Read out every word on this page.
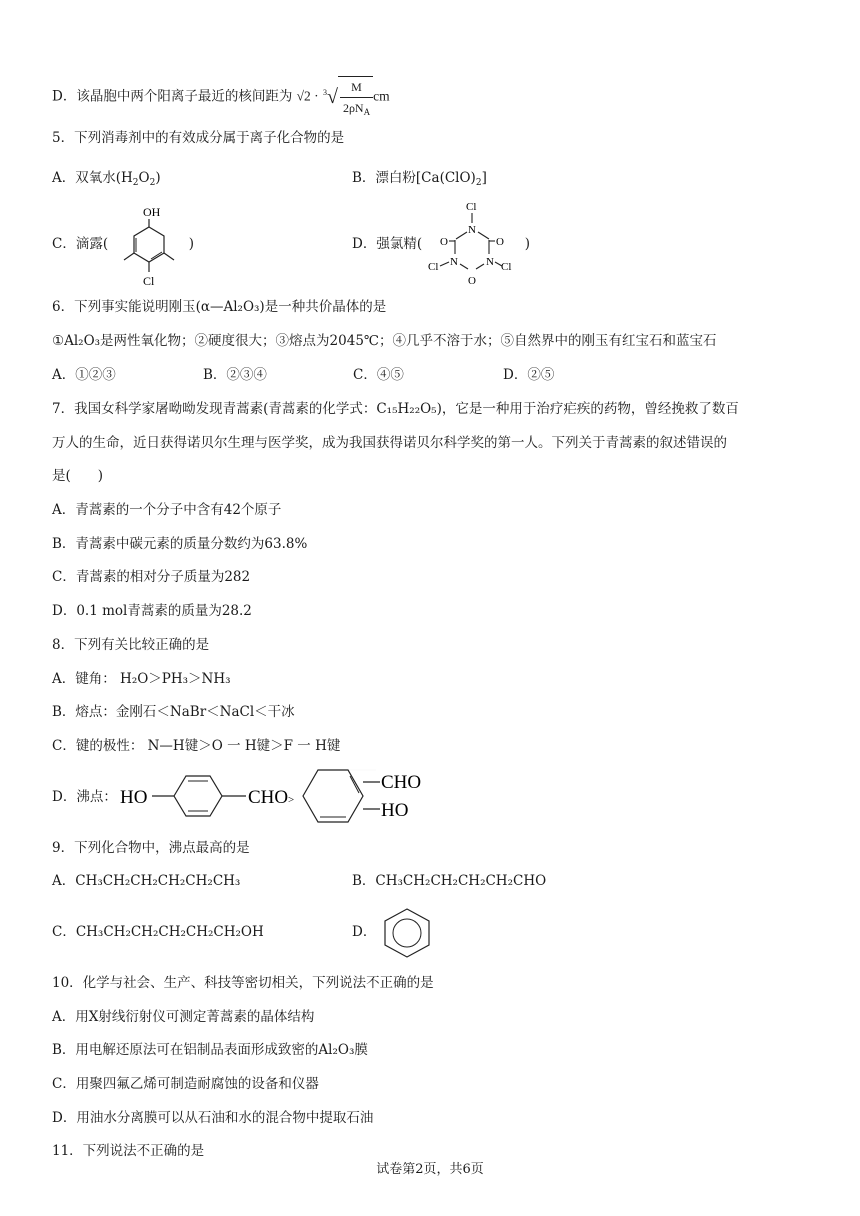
D．该晶胞中两个阳离子最近的核间距为 $√2 \cdot ^3√ \frac{M}{2\rho N_A}$ cm
5．下列消毒剂中的有效成分属于离子化合物的是
A．双氧水$(H_2O_2)$	B．漂白粉$[Ca(ClO)_2]$
C．滴露(	)
OH
Cl
D．强氯精(	)
Cl
N
O	O
N	N
O
Cl	Cl
6．下列事实能说明刚玉(α—Al₂O₃)是一种共价晶体的是
①Al₂O₃是两性氧化物；②硬度很大；③熔点为2045℃；④几乎不溶于水；⑤自然界中的刚玉有红宝石和蓝宝石
A．①②③	B．②③④	C．④⑤	D．②⑤
7．我国女科学家屠呦呦发现青蒿素(青蒿素的化学式：C₁₅H₂₂O₅)，它是一种用于治疗疟疾的药物，曾经挽救了数百
万人的生命，近日获得诺贝尔生理与医学奖，成为我国获得诺贝尔科学奖的第一人。下列关于青蒿素的叙述错误的
是(　　)
A．青蒿素的一个分子中含有42个原子
B．青蒿素中碳元素的质量分数约为63.8%
C．青蒿素的相对分子质量为282
D．0.1 mol青蒿素的质量为28.2
8．下列有关比较正确的是
A．键角： H₂O＞PH₃＞NH₃
B．熔点：金刚石＜NaBr＜NaCl＜干冰
C．键的极性： N—H键＞O 一 H键＞F 一 H键
D．沸点： HO	CHO >
CHO
HO
9．下列化合物中，沸点最高的是
A．CH₃CH₂CH₂CH₂CH₂CH₃	B．CH₃CH₂CH₂CH₂CH₂CHO
C．CH₃CH₂CH₂CH₂CH₂CH₂OH	D．
10．化学与社会、生产、科技等密切相关，下列说法不正确的是
A．用X射线衍射仪可测定菁蒿素的晶体结构
B．用电解还原法可在铝制品表面形成致密的Al₂O₃膜
C．用聚四氟乙烯可制造耐腐蚀的设备和仪器
D．用油水分离膜可以从石油和水的混合物中提取石油
11．下列说法不正确的是
试卷第2页，共6页
